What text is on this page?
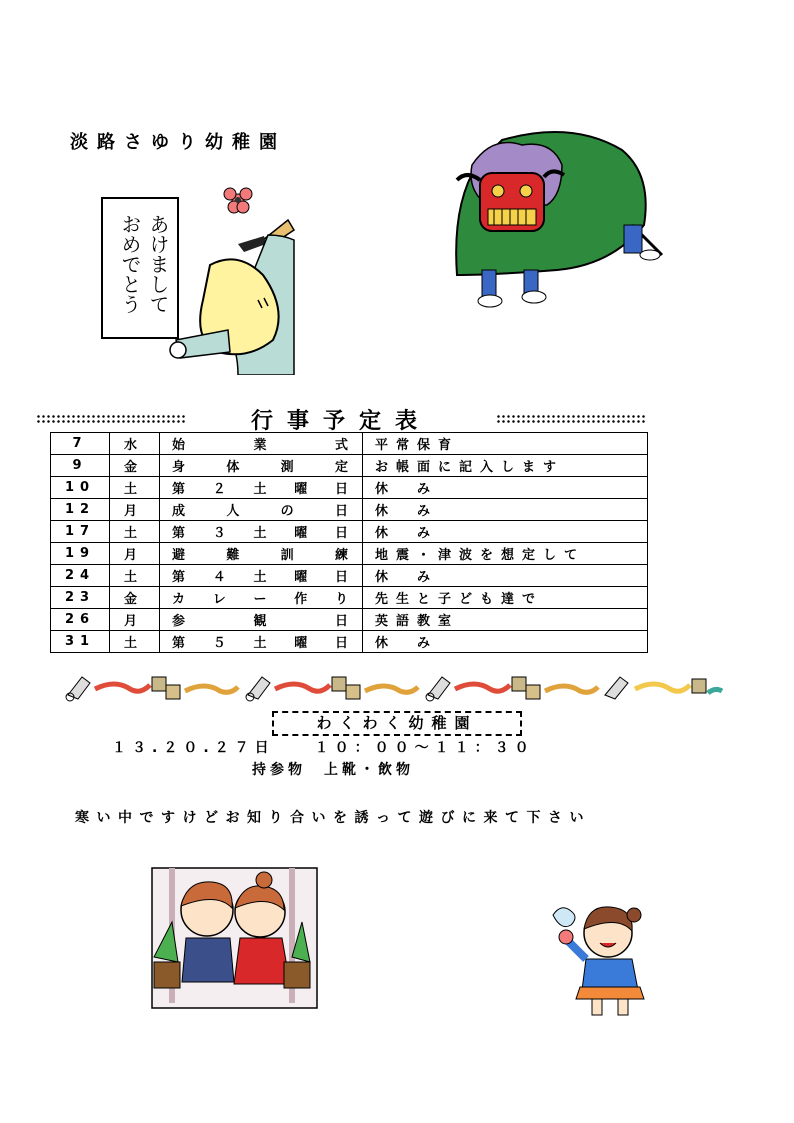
淡路さゆり幼稚園
あけまして
おめでとう
行事予定表
7	水	始 業 式	平常保育
9	金	身 体 測 定	お帳面に記入します
10	土	第 ２ 土 曜 日	休　み
12	月	成 人 の 日	休　み
17	土	第 ３ 土 曜 日	休　み
19	月	避 難 訓 練	地震・津波を想定して
24	土	第 ４ 土 曜 日	休　み
23	金	カ レ ー 作 り	先生と子ども達で
26	月	参 観 日	英語教室
31	土	第 ５ 土 曜 日	休　み
わくわく幼稚園
１３.２０.２７日　　１０：００～１１：３０
持参物　上靴・飲物
寒い中ですけどお知り合いを誘って遊びに来て下さい
